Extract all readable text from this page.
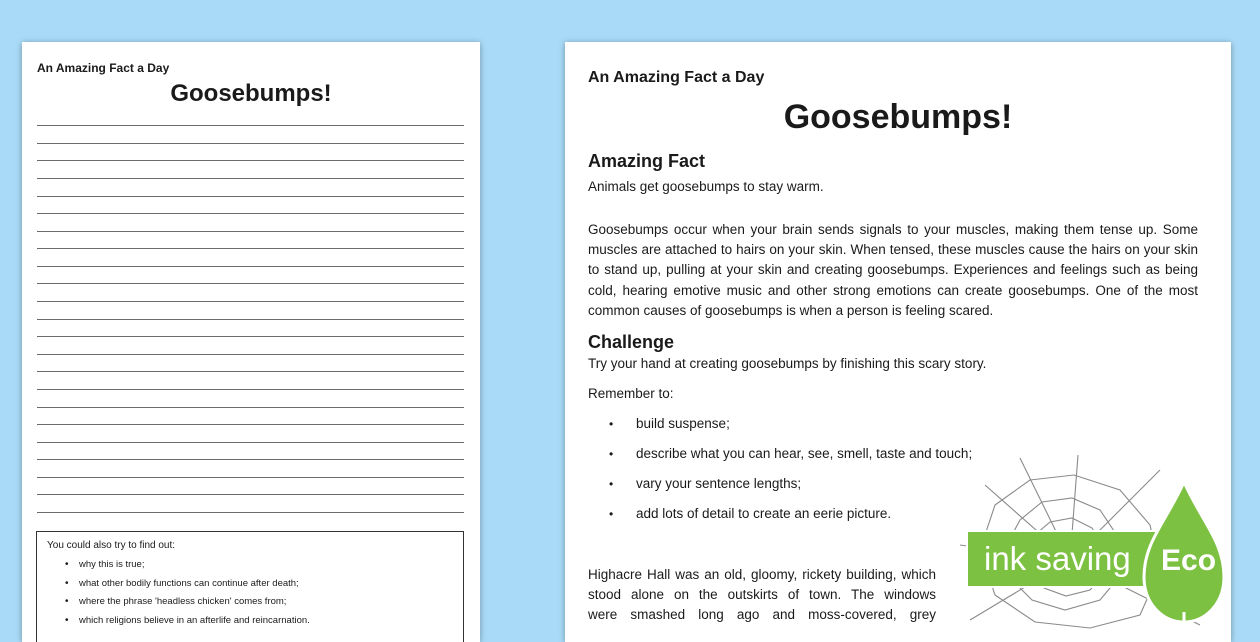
An Amazing Fact a Day
Goosebumps!

You could also try to find out:

• why this is true;
• what other bodily functions can continue after death;
• where the phrase 'headless chicken' comes from;
• which religions believe in an afterlife and reincarnation.
An Amazing Fact a Day
Goosebumps!
Amazing Fact
Animals get goosebumps to stay warm.
Goosebumps occur when your brain sends signals to your muscles, making them tense up. Some muscles are attached to hairs on your skin. When tensed, these muscles cause the hairs on your skin to stand up, pulling at your skin and creating goosebumps. Experiences and feelings such as being cold, hearing emotive music and other strong emotions can create goosebumps. One of the most common causes of goosebumps is when a person is feeling scared.
Challenge
Try your hand at creating goosebumps by finishing this scary story.
Remember to:
• build suspense;
• describe what you can hear, see, smell, taste and touch;
• vary your sentence lengths;
• add lots of detail to create an eerie picture.
Highacre Hall was an old, gloomy, rickety building, which
stood alone on the outskirts of town. The windows
were smashed long ago and moss-covered, grey
ink saving	Eco
